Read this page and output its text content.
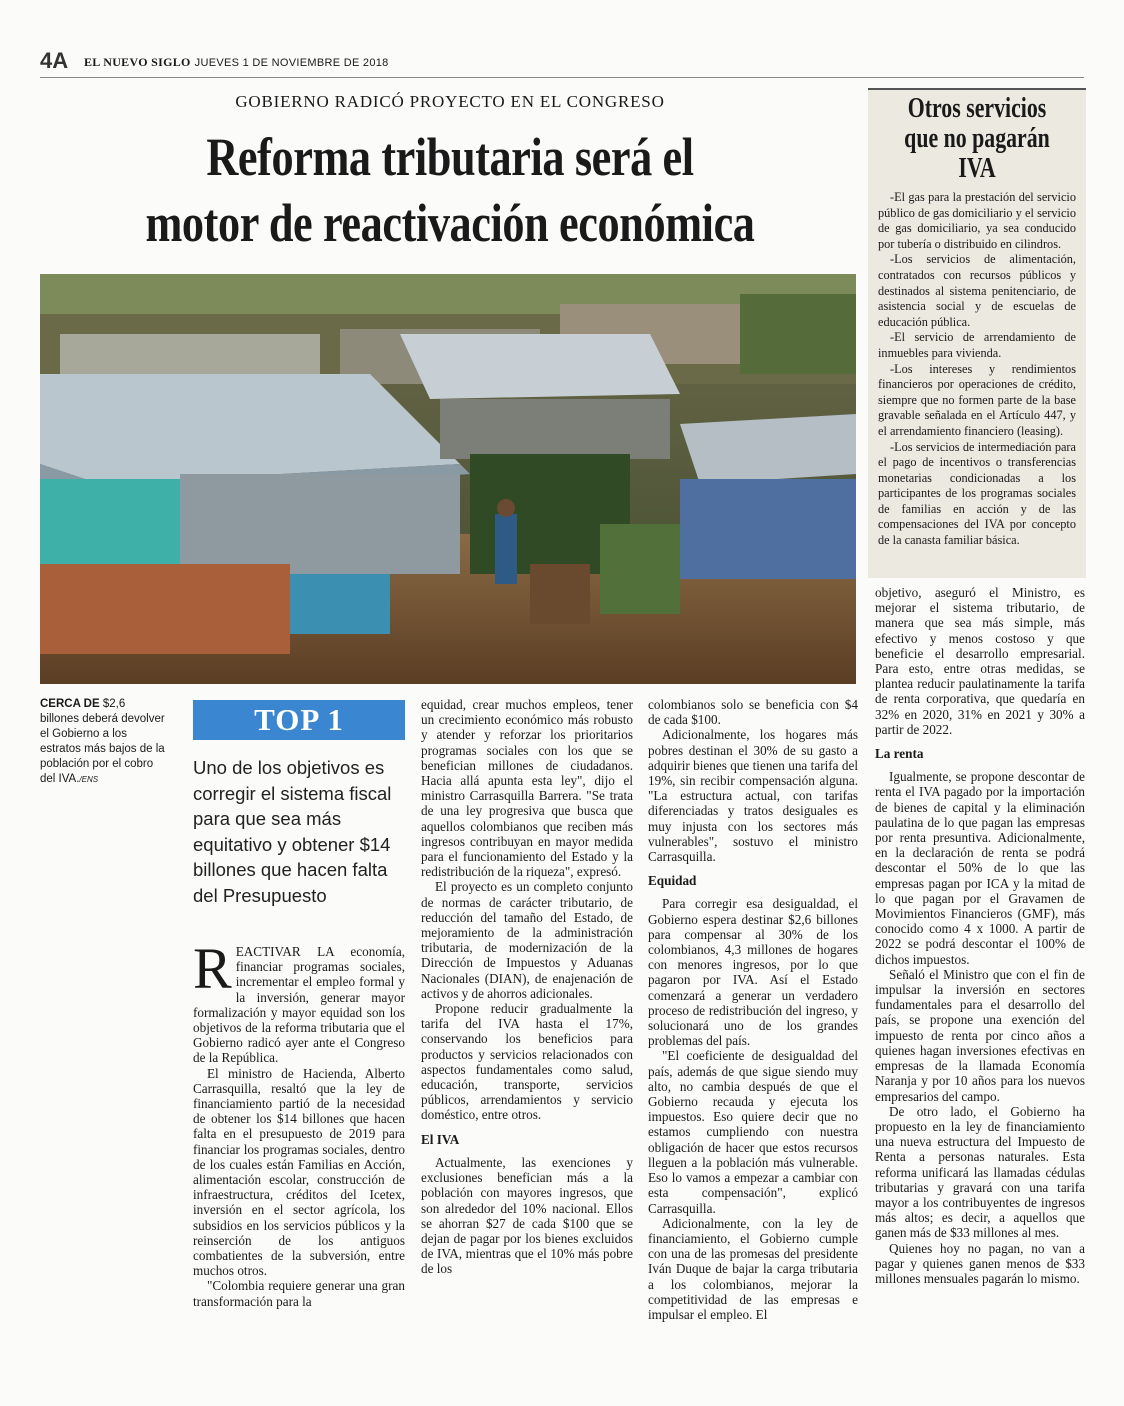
4A EL NUEVO SIGLO JUEVES 1 DE NOVIEMBRE DE 2018
GOBIERNO RADICÓ PROYECTO EN EL CONGRESO
Reforma tributaria será el
motor de reactivación económica
Otros servicios que no pagarán IVA

-El gas para la prestación del servicio público de gas domiciliario y el servicio de gas domiciliario, ya sea conducido por tubería o distribuido en cilindros.

-Los servicios de alimentación, contratados con recursos públicos y destinados al sistema penitenciario, de asistencia social y de escuelas de educación pública.

-El servicio de arrendamiento de inmuebles para vivienda.

-Los intereses y rendimientos financieros por operaciones de crédito, siempre que no formen parte de la base gravable señalada en el Artículo 447, y el arrendamiento financiero (leasing).

-Los servicios de intermediación para el pago de incentivos o transferencias monetarias condicionadas a los participantes de los programas sociales de familias en acción y de las compensaciones del IVA por concepto de la canasta familiar básica.

CERCA DE $2,6 billones deberá devolver el Gobierno a los estratos más bajos de la población por el cobro del IVA./ENS
TOP 1
Uno de los objetivos es corregir el sistema fiscal para que sea más equitativo y obtener $14 billones que hacen falta del Presupuesto

REACTIVAR LA economía, financiar programas sociales, incrementar el empleo formal y la inversión, generar mayor formalización y mayor equidad son los objetivos de la reforma tributaria que el Gobierno radicó ayer ante el Congreso de la República.

El ministro de Hacienda, Alberto Carrasquilla, resaltó que la ley de financiamiento partió de la necesidad de obtener los $14 billones que hacen falta en el presupuesto de 2019 para financiar los programas sociales, dentro de los cuales están Familias en Acción, alimentación escolar, construcción de infraestructura, créditos del Icetex, inversión en el sector agrícola, los subsidios en los servicios públicos y la reinserción de los antiguos combatientes de la subversión, entre muchos otros.

"Colombia requiere generar una gran transformación para la

equidad, crear muchos empleos, tener un crecimiento económico más robusto y atender y reforzar los prioritarios programas sociales con los que se benefician millones de ciudadanos. Hacia allá apunta esta ley", dijo el ministro Carrasquilla Barrera. "Se trata de una ley progresiva que busca que aquellos colombianos que reciben más ingresos contribuyan en mayor medida para el funcionamiento del Estado y la redistribución de la riqueza", expresó.

El proyecto es un completo conjunto de normas de carácter tributario, de reducción del tamaño del Estado, de mejoramiento de la administración tributaria, de modernización de la Dirección de Impuestos y Aduanas Nacionales (DIAN), de enajenación de activos y de ahorros adicionales.

Propone reducir gradualmente la tarifa del IVA hasta el 17%, conservando los beneficios para productos y servicios relacionados con aspectos fundamentales como salud, educación, transporte, servicios públicos, arrendamientos y servicio doméstico, entre otros.

El IVA

Actualmente, las exenciones y exclusiones benefician más a la población con mayores ingresos, que son alrededor del 10% nacional. Ellos se ahorran $27 de cada $100 que se dejan de pagar por los bienes excluidos de IVA, mientras que el 10% más pobre de los

colombianos solo se beneficia con $4 de cada $100.

Adicionalmente, los hogares más pobres destinan el 30% de su gasto a adquirir bienes que tienen una tarifa del 19%, sin recibir compensación alguna. "La estructura actual, con tarifas diferenciadas y tratos desiguales es muy injusta con los sectores más vulnerables", sostuvo el ministro Carrasquilla.

Equidad

Para corregir esa desigualdad, el Gobierno espera destinar $2,6 billones para compensar al 30% de los colombianos, 4,3 millones de hogares con menores ingresos, por lo que pagaron por IVA. Así el Estado comenzará a generar un verdadero proceso de redistribución del ingreso, y solucionará uno de los grandes problemas del país.

"El coeficiente de desigualdad del país, además de que sigue siendo muy alto, no cambia después de que el Gobierno recauda y ejecuta los impuestos. Eso quiere decir que no estamos cumpliendo con nuestra obligación de hacer que estos recursos lleguen a la población más vulnerable. Eso lo vamos a empezar a cambiar con esta compensación", explicó Carrasquilla.

Adicionalmente, con la ley de financiamiento, el Gobierno cumple con una de las promesas del presidente Iván Duque de bajar la carga tributaria a los colombianos, mejorar la competitividad de las empresas e impulsar el empleo. El

objetivo, aseguró el Ministro, es mejorar el sistema tributario, de manera que sea más simple, más efectivo y menos costoso y que beneficie el desarrollo empresarial. Para esto, entre otras medidas, se plantea reducir paulatinamente la tarifa de renta corporativa, que quedaría en 32% en 2020, 31% en 2021 y 30% a partir de 2022.

La renta

Igualmente, se propone descontar de renta el IVA pagado por la importación de bienes de capital y la eliminación paulatina de lo que pagan las empresas por renta presuntiva. Adicionalmente, en la declaración de renta se podrá descontar el 50% de lo que las empresas pagan por ICA y la mitad de lo que pagan por el Gravamen de Movimientos Financieros (GMF), más conocido como 4 x 1000. A partir de 2022 se podrá descontar el 100% de dichos impuestos.

Señaló el Ministro que con el fin de impulsar la inversión en sectores fundamentales para el desarrollo del país, se propone una exención del impuesto de renta por cinco años a quienes hagan inversiones efectivas en empresas de la llamada Economía Naranja y por 10 años para los nuevos empresarios del campo.

De otro lado, el Gobierno ha propuesto en la ley de financiamiento una nueva estructura del Impuesto de Renta a personas naturales. Esta reforma unificará las llamadas cédulas tributarias y gravará con una tarifa mayor a los contribuyentes de ingresos más altos; es decir, a aquellos que ganen más de $33 millones al mes.

Quienes hoy no pagan, no van a pagar y quienes ganen menos de $33 millones mensuales pagarán lo mismo.
